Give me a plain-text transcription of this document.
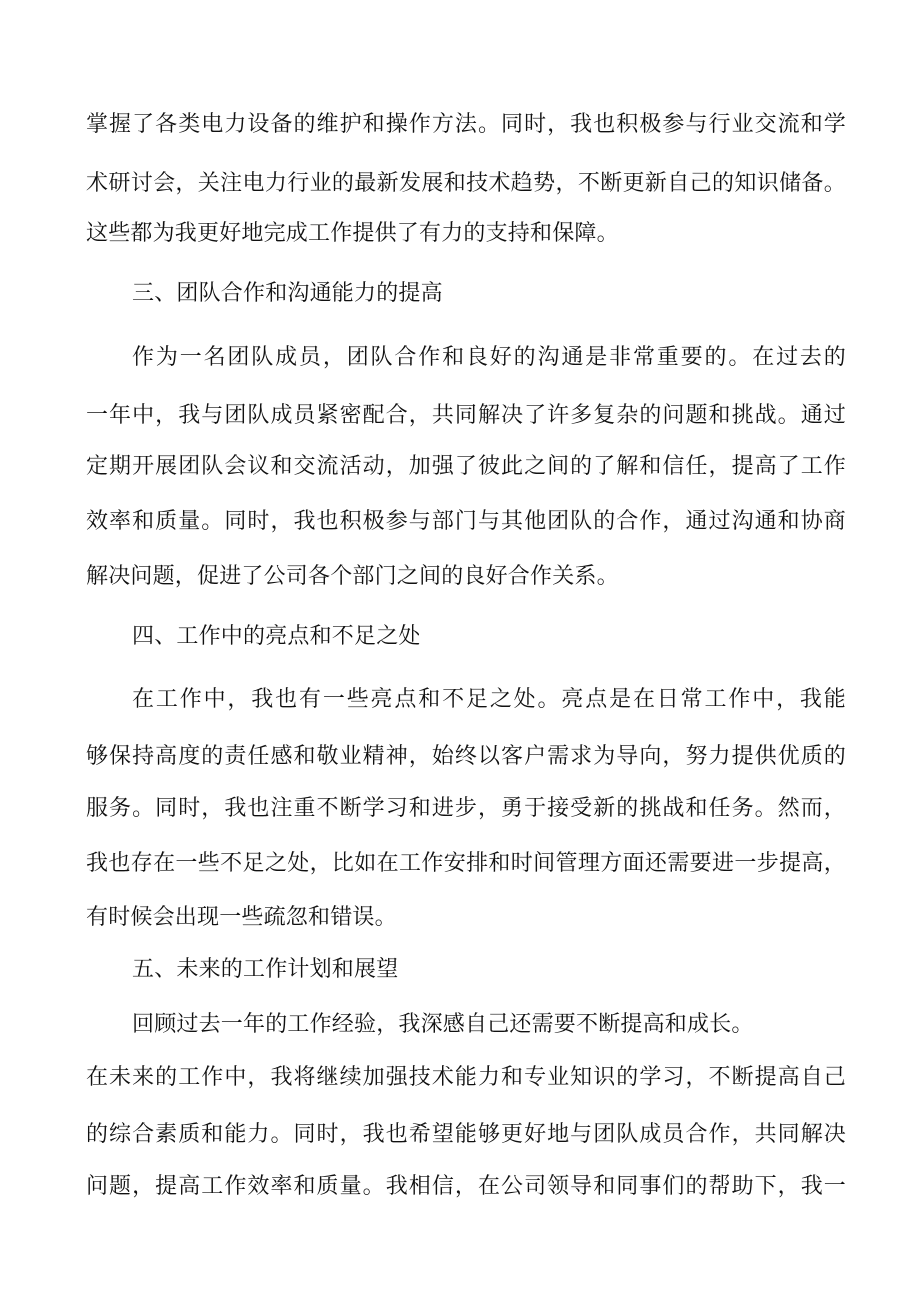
掌握了各类电力设备的维护和操作方法。同时，我也积极参与行业交流和学
术研讨会，关注电力行业的最新发展和技术趋势，不断更新自己的知识储备。
这些都为我更好地完成工作提供了有力的支持和保障。
三、团队合作和沟通能力的提高
作为一名团队成员，团队合作和良好的沟通是非常重要的。在过去的
一年中，我与团队成员紧密配合，共同解决了许多复杂的问题和挑战。通过
定期开展团队会议和交流活动，加强了彼此之间的了解和信任，提高了工作
效率和质量。同时，我也积极参与部门与其他团队的合作，通过沟通和协商
解决问题，促进了公司各个部门之间的良好合作关系。
四、工作中的亮点和不足之处
在工作中，我也有一些亮点和不足之处。亮点是在日常工作中，我能
够保持高度的责任感和敬业精神，始终以客户需求为导向，努力提供优质的
服务。同时，我也注重不断学习和进步，勇于接受新的挑战和任务。然而，
我也存在一些不足之处，比如在工作安排和时间管理方面还需要进一步提高，
有时候会出现一些疏忽和错误。
五、未来的工作计划和展望
回顾过去一年的工作经验，我深感自己还需要不断提高和成长。
在未来的工作中，我将继续加强技术能力和专业知识的学习，不断提高自己
的综合素质和能力。同时，我也希望能够更好地与团队成员合作，共同解决
问题，提高工作效率和质量。我相信，在公司领导和同事们的帮助下，我一
